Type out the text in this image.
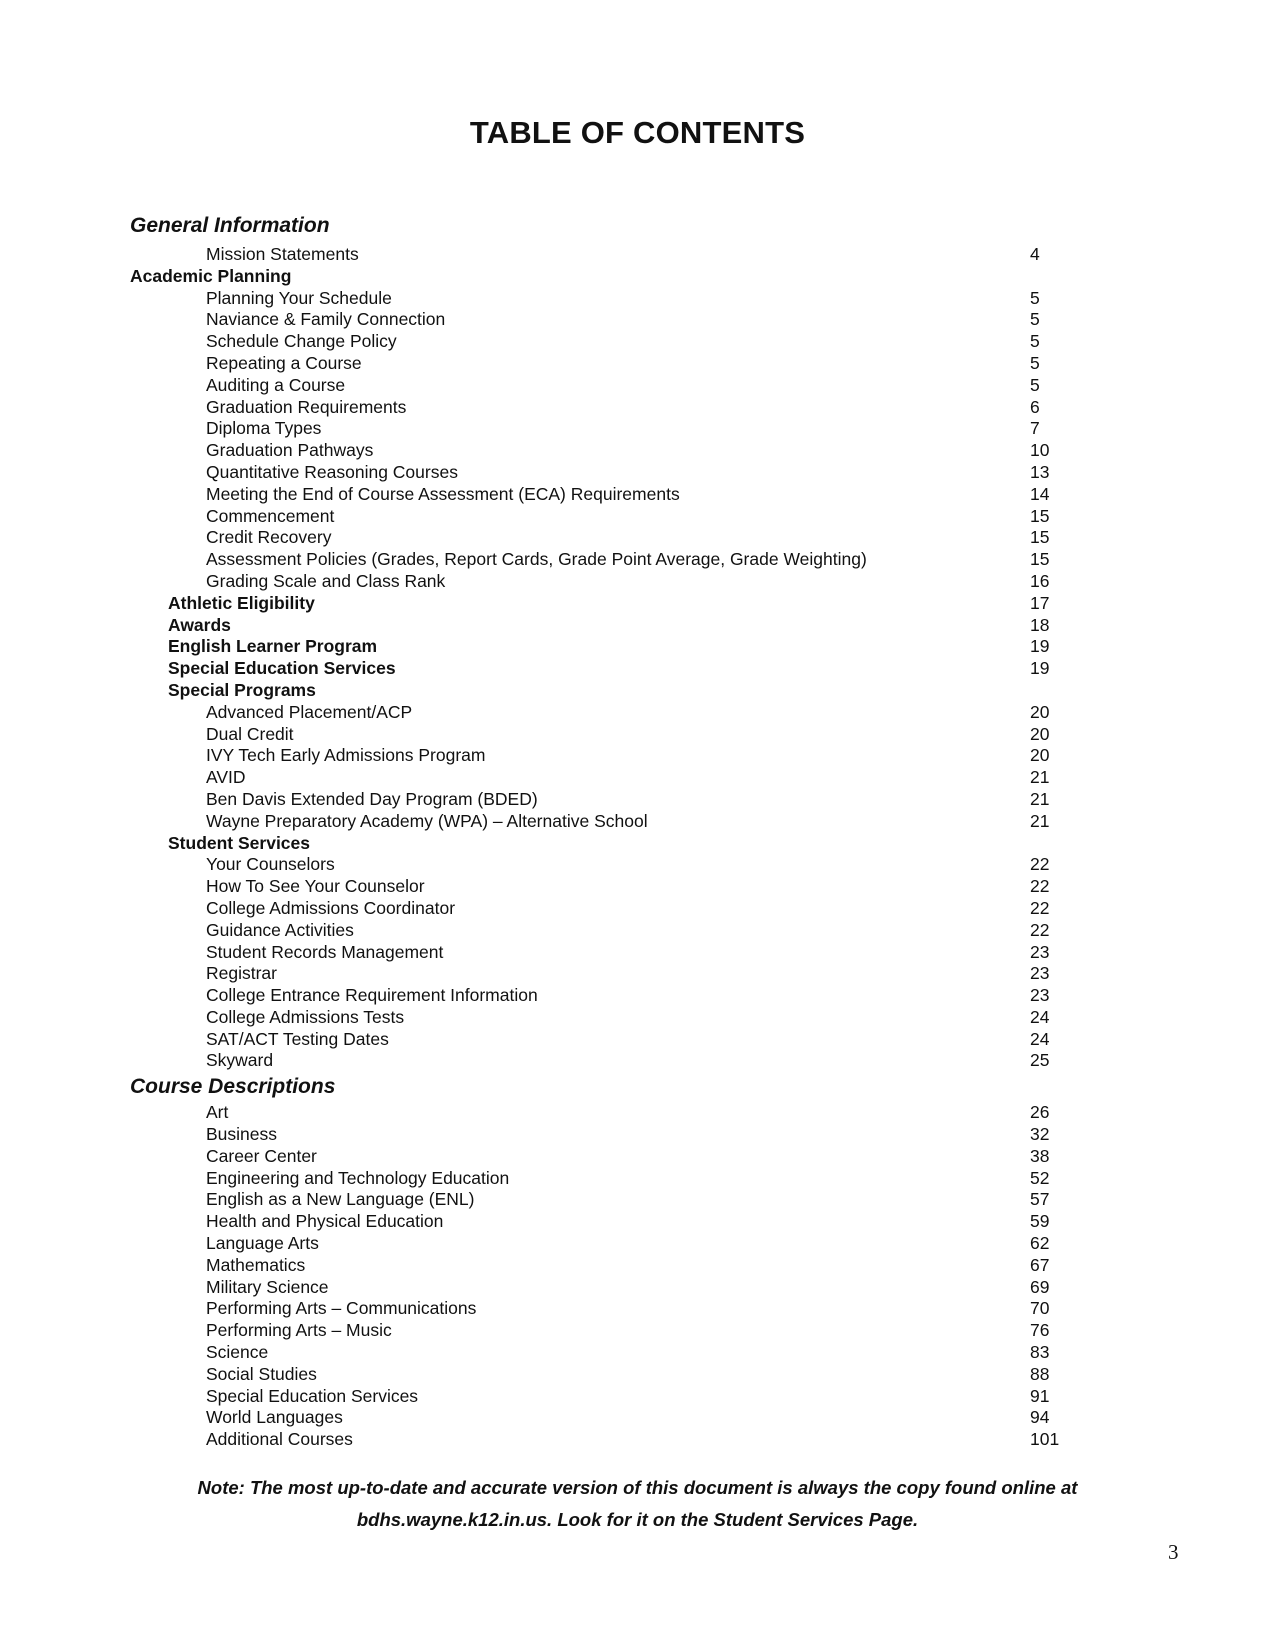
TABLE OF CONTENTS
General Information
Mission Statements	4
Academic Planning
Planning Your Schedule	5
Naviance & Family Connection	5
Schedule Change Policy	5
Repeating a Course	5
Auditing a Course	5
Graduation Requirements	6
Diploma Types	7
Graduation Pathways	10
Quantitative Reasoning Courses	13
Meeting the End of Course Assessment (ECA) Requirements	14
Commencement	15
Credit Recovery	15
Assessment Policies (Grades, Report Cards, Grade Point Average, Grade Weighting)	15
Grading Scale and Class Rank	16
Athletic Eligibility	17
Awards	18
English Learner Program	19
Special Education Services	19
Special Programs
Advanced Placement/ACP	20
Dual Credit	20
IVY Tech Early Admissions Program	20
AVID	21
Ben Davis Extended Day Program (BDED)	21
Wayne Preparatory Academy (WPA) – Alternative School	21
Student Services
Your Counselors	22
How To See Your Counselor	22
College Admissions Coordinator	22
Guidance Activities	22
Student Records Management	23
Registrar	23
College Entrance Requirement Information	23
College Admissions Tests	24
SAT/ACT Testing Dates	24
Skyward	25
Course Descriptions
Art	26
Business	32
Career Center	38
Engineering and Technology Education	52
English as a New Language (ENL)	57
Health and Physical Education	59
Language Arts	62
Mathematics	67
Military Science	69
Performing Arts – Communications	70
Performing Arts – Music	76
Science	83
Social Studies	88
Special Education Services	91
World Languages	94
Additional Courses	101

Note: The most up-to-date and accurate version of this document is always the copy found online at

bdhs.wayne.k12.in.us. Look for it on the Student Services Page.

3
